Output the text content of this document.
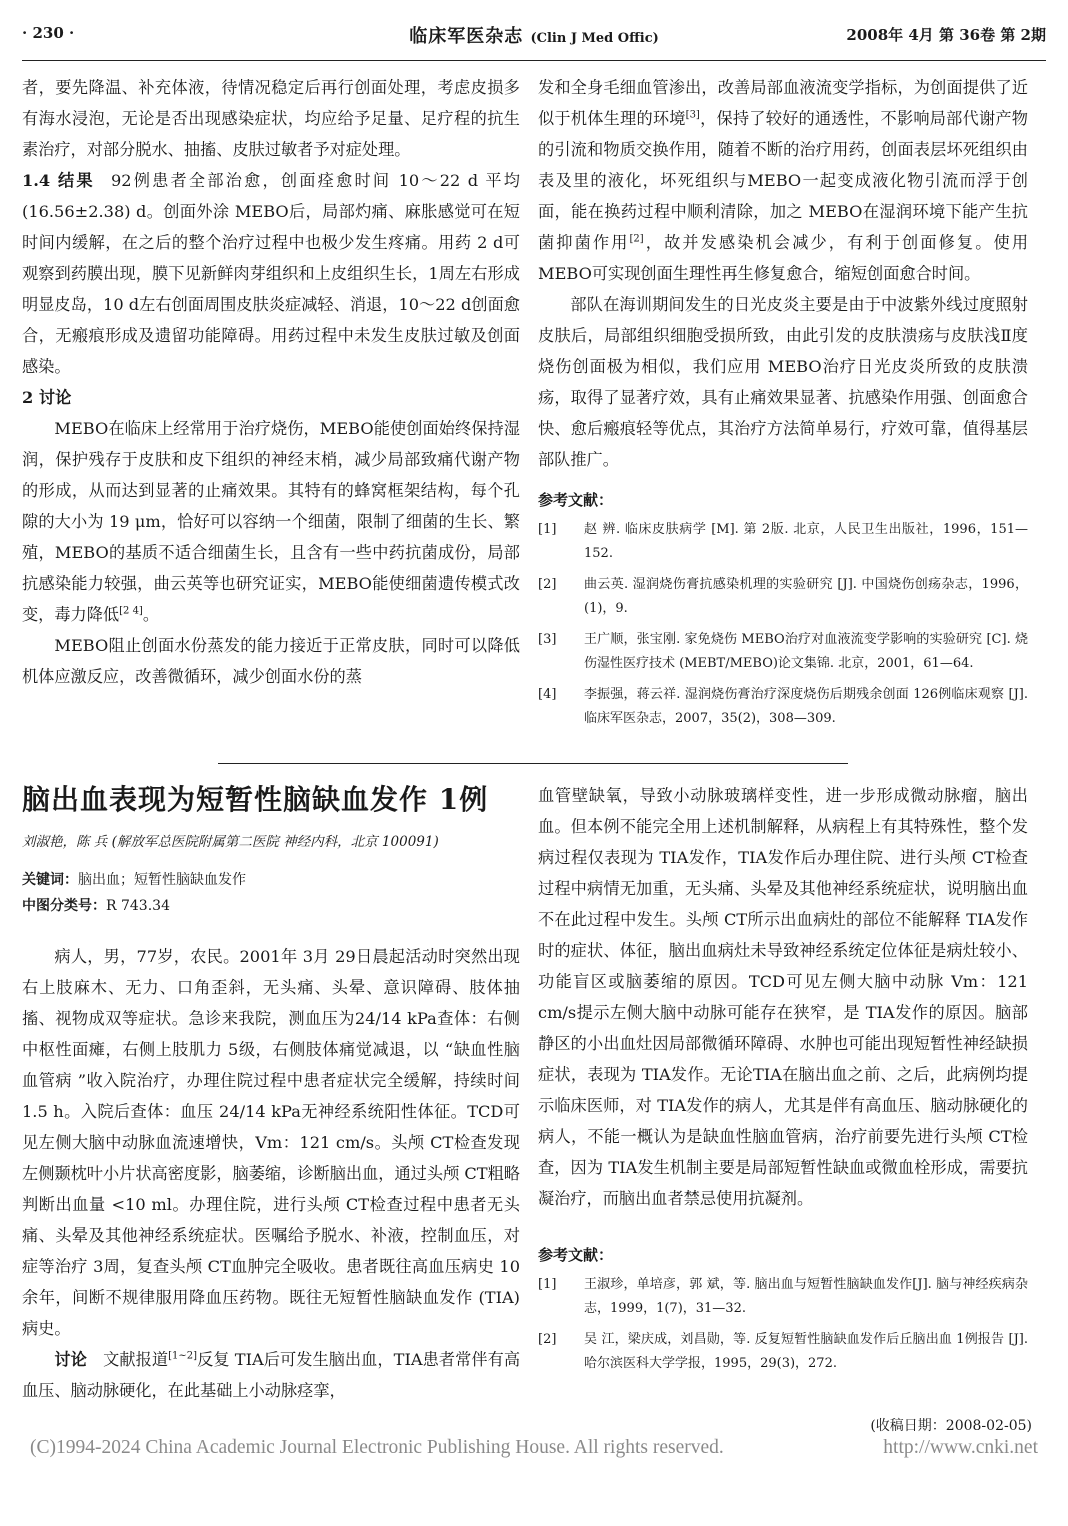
· 230 ·	临床军医杂志 (Clin J Med Offic)	2008年 4月 第 36卷 第 2期

者，要先降温、补充体液，待情况稳定后再行创面处理，考虑皮损多有海水浸泡，无论是否出现感染症状，均应给予足量、足疗程的抗生素治疗，对部分脱水、抽搐、皮肤过敏者予对症处理。

1.4 结果  92例患者全部治愈，创面痊愈时间 10～22 d 平均 (16.56±2.38) d。创面外涂 MEBO后，局部灼痛、麻胀感觉可在短时间内缓解，在之后的整个治疗过程中也极少发生疼痛。用药 2 d可观察到药膜出现，膜下见新鲜肉芽组织和上皮组织生长，1周左右形成明显皮岛，10 d左右创面周围皮肤炎症减轻、消退，10～22 d创面愈合，无瘢痕形成及遗留功能障碍。用药过程中未发生皮肤过敏及创面感染。

2 讨论

MEBO在临床上经常用于治疗烧伤，MEBO能使创面始终保持湿润，保护残存于皮肤和皮下组织的神经末梢，减少局部致痛代谢产物的形成，从而达到显著的止痛效果。其特有的蜂窝框架结构，每个孔隙的大小为 19 μm，恰好可以容纳一个细菌，限制了细菌的生长、繁殖，MEBO的基质不适合细菌生长，且含有一些中药抗菌成份，局部抗感染能力较强，曲云英等也研究证实，MEBO能使细菌遗传模式改变，毒力降低[2 4]。

MEBO阻止创面水份蒸发的能力接近于正常皮肤，同时可以降低机体应激反应，改善微循环，减少创面水份的蒸

发和全身毛细血管渗出，改善局部血液流变学指标，为创面提供了近似于机体生理的环境[3]，保持了较好的通透性，不影响局部代谢产物的引流和物质交换作用，随着不断的治疗用药，创面表层坏死组织由表及里的液化，坏死组织与MEBO一起变成液化物引流而浮于创面，能在换药过程中顺利清除，加之 MEBO在湿润环境下能产生抗菌抑菌作用[2]，故并发感染机会减少，有利于创面修复。使用 MEBO可实现创面生理性再生修复愈合，缩短创面愈合时间。

部队在海训期间发生的日光皮炎主要是由于中波紫外线过度照射皮肤后，局部组织细胞受损所致，由此引发的皮肤溃疡与皮肤浅Ⅱ度烧伤创面极为相似，我们应用 MEBO治疗日光皮炎所致的皮肤溃疡，取得了显著疗效，具有止痛效果显著、抗感染作用强、创面愈合快、愈后瘢痕轻等优点，其治疗方法简单易行，疗效可靠，值得基层部队推广。

参考文献：
[1] 赵 辨. 临床皮肤病学 [M]. 第 2版. 北京，人民卫生出版社，1996，151—152.
[2] 曲云英. 湿润烧伤膏抗感染机理的实验研究 [J]. 中国烧伤创疡杂志，1996，(1)，9.
[3] 王广顺，张宝刚. 家免烧伤 MEBO治疗对血液流变学影响的实验研究 [C]. 烧伤湿性医疗技术 (MEBT/MEBO)论文集锦. 北京，2001，61—64.
[4] 李振强，蒋云祥. 湿润烧伤膏治疗深度烧伤后期残余创面 126例临床观察 [J]. 临床军医杂志，2007，35(2)，308—309.
脑出血表现为短暂性脑缺血发作 1例
刘淑艳，陈 兵 (解放军总医院附属第二医院 神经内科，北京 100091)
关键词：脑出血；短暂性脑缺血发作
中图分类号：R 743.34

病人，男，77岁，农民。2001年 3月 29日晨起活动时突然出现右上肢麻木、无力、口角歪斜，无头痛、头晕、意识障碍、肢体抽搐、视物成双等症状。急诊来我院，测血压为24/14 kPa查体：右侧中枢性面瘫，右侧上肢肌力 5级，右侧肢体痛觉减退，以 “缺血性脑血管病 ”收入院治疗，办理住院过程中患者症状完全缓解，持续时间 1.5 h。入院后查体：血压 24/14 kPa无神经系统阳性体征。TCD可见左侧大脑中动脉血流速增快，Vm：121 cm/s。头颅 CT检查发现左侧颞枕叶小片状高密度影，脑萎缩，诊断脑出血，通过头颅 CT粗略判断出血量 <10 ml。办理住院，进行头颅 CT检查过程中患者无头痛、头晕及其他神经系统症状。医嘱给予脱水、补液，控制血压，对症等治疗 3周，复查头颅 CT血肿完全吸收。患者既往高血压病史 10余年，间断不规律服用降血压药物。既往无短暂性脑缺血发作 (TIA)病史。

讨论  文献报道[1~2]反复 TIA后可发生脑出血，TIA患者常伴有高血压、脑动脉硬化，在此基础上小动脉痉挛，

血管壁缺氧，导致小动脉玻璃样变性，进一步形成微动脉瘤，脑出血。但本例不能完全用上述机制解释，从病程上有其特殊性，整个发病过程仅表现为 TIA发作，TIA发作后办理住院、进行头颅 CT检查过程中病情无加重，无头痛、头晕及其他神经系统症状，说明脑出血不在此过程中发生。头颅 CT所示出血病灶的部位不能解释 TIA发作时的症状、体征，脑出血病灶未导致神经系统定位体征是病灶较小、功能盲区或脑萎缩的原因。TCD可见左侧大脑中动脉 Vm：121 cm/s提示左侧大脑中动脉可能存在狭窄，是 TIA发作的原因。脑部静区的小出血灶因局部微循环障碍、水肿也可能出现短暂性神经缺损症状，表现为 TIA发作。无论TIA在脑出血之前、之后，此病例均提示临床医师，对 TIA发作的病人，尤其是伴有高血压、脑动脉硬化的病人，不能一概认为是缺血性脑血管病，治疗前要先进行头颅 CT检查，因为 TIA发生机制主要是局部短暂性缺血或微血栓形成，需要抗凝治疗，而脑出血者禁忌使用抗凝剂。

参考文献：
[1] 王淑珍，单培彦，郭 斌，等. 脑出血与短暂性脑缺血发作[J]. 脑与神经疾病杂志，1999，1(7)，31—32.
[2] 吴 江，梁庆成，刘昌勋，等. 反复短暂性脑缺血发作后丘脑出血 1例报告 [J]. 哈尔滨医科大学学报，1995，29(3)，272.
(收稿日期：2008-02-05)
(C)1994-2024 China Academic Journal Electronic Publishing House. All rights reserved.	http://www.cnki.net
